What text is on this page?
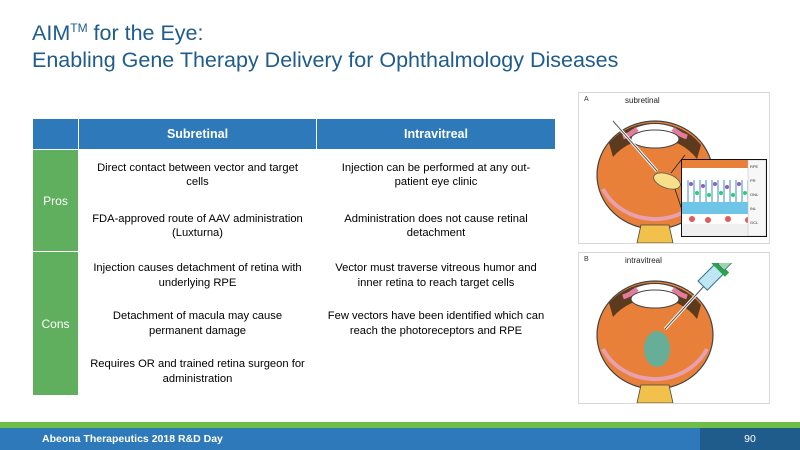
AIM™ for the Eye:
Enabling Gene Therapy Delivery for Ophthalmology Diseases
	Subretinal	Intravitreal
Pros	Direct contact between vector and target cells	Injection can be performed at any out-patient eye clinic
	FDA-approved route of AAV administration (Luxturna)	Administration does not cause retinal detachment
Cons	Injection causes detachment of retina with underlying RPE	Vector must traverse vitreous humor and inner retina to reach target cells
	Detachment of macula may cause permanent damage	Few vectors have been identified which can reach the photoreceptors and RPE
	Requires OR and trained retina surgeon for administration	
A	subretinal
RPE
PR
ONL
INL
GCL
B	intravitreal
Abeona Therapeutics 2018 R&D Day	90
